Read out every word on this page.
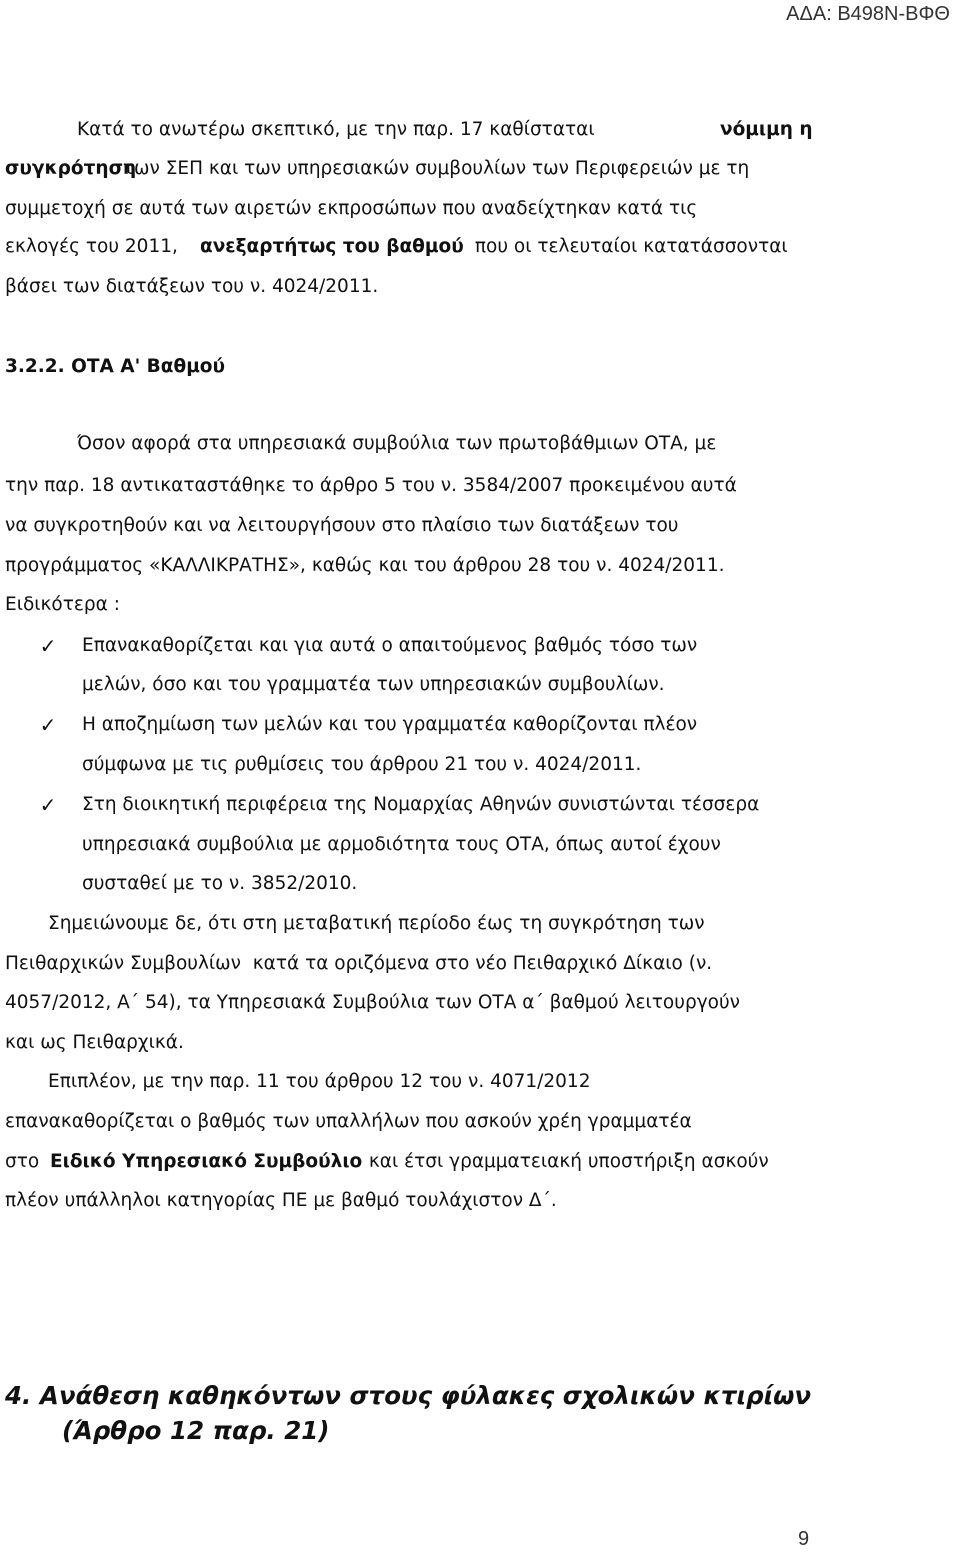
ΑΔΑ: Β498Ν-ΒΦΘ
Κατά το ανωτέρω σκεπτικό, με την παρ. 17 καθίσταται	νόμιμη η
συγκρότηση
των ΣΕΠ και των υπηρεσιακών συμβουλίων των Περιφερειών με τη
συμμετοχή σε αυτά των αιρετών εκπροσώπων που αναδείχτηκαν κατά τις
εκλογές του 2011, ανεξαρτήτως του βαθμού που οι τελευταίοι κατατάσσονται
βάσει των διατάξεων του ν. 4024/2011.
3.2.2. ΟΤΑ Α' Βαθμού
Όσον αφορά στα υπηρεσιακά συμβούλια των πρωτοβάθμιων ΟΤΑ, με
την παρ. 18 αντικαταστάθηκε το άρθρο 5 του ν. 3584/2007 προκειμένου αυτά
να συγκροτηθούν και να λειτουργήσουν στο πλαίσιο των διατάξεων του
προγράμματος «ΚΑΛΛΙΚΡΑΤΗΣ», καθώς και του άρθρου 28 του ν. 4024/2011.
Ειδικότερα :
✓ Επανακαθορίζεται και για αυτά ο απαιτούμενος βαθμός τόσο των
μελών, όσο και του γραμματέα των υπηρεσιακών συμβουλίων.
✓ Η αποζημίωση των μελών και του γραμματέα καθορίζονται πλέον
σύμφωνα με τις ρυθμίσεις του άρθρου 21 του ν. 4024/2011.
✓ Στη διοικητική περιφέρεια της Νομαρχίας Αθηνών συνιστώνται τέσσερα
υπηρεσιακά συμβούλια με αρμοδιότητα τους ΟΤΑ, όπως αυτοί έχουν
συσταθεί με το ν. 3852/2010.
Σημειώνουμε δε, ότι στη μεταβατική περίοδο έως τη συγκρότηση των
Πειθαρχικών Συμβουλίων  κατά τα οριζόμενα στο νέο Πειθαρχικό Δίκαιο (ν.
4057/2012, Α΄ 54), τα Υπηρεσιακά Συμβούλια των ΟΤΑ α΄ βαθμού λειτουργούν
και ως Πειθαρχικά.
Επιπλέον, με την παρ. 11 του άρθρου 12 του ν. 4071/2012
επανακαθορίζεται ο βαθμός των υπαλλήλων που ασκούν χρέη γραμματέα
στο Ειδικό Υπηρεσιακό Συμβούλιο και έτσι γραμματειακή υποστήριξη ασκούν
πλέον υπάλληλοι κατηγορίας ΠΕ με βαθμό τουλάχιστον Δ΄.
4. Ανάθεση καθηκόντων στους φύλακες σχολικών κτιρίων
(Άρθρο 12 παρ. 21)
9
